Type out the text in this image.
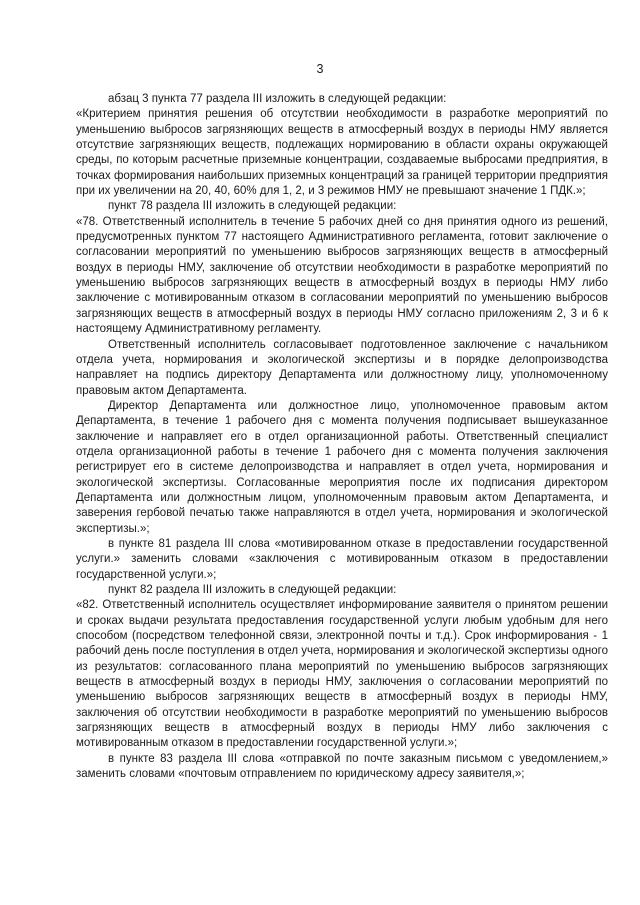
3

абзац 3 пункта 77 раздела III изложить в следующей редакции:

«Критерием принятия решения об отсутствии необходимости в разработке мероприятий по уменьшению выбросов загрязняющих веществ в атмосферный воздух в периоды НМУ является отсутствие загрязняющих веществ, подлежащих нормированию в области охраны окружающей среды, по которым расчетные приземные концентрации, создаваемые выбросами предприятия, в точках формирования наибольших приземных концентраций за границей территории предприятия при их увеличении на 20, 40, 60% для 1, 2, и 3 режимов НМУ не превышают значение 1 ПДК.»;

пункт 78 раздела III изложить в следующей редакции:

«78. Ответственный исполнитель в течение 5 рабочих дней со дня принятия одного из решений, предусмотренных пунктом 77 настоящего Административного регламента, готовит заключение о согласовании мероприятий по уменьшению выбросов загрязняющих веществ в атмосферный воздух в периоды НМУ, заключение об отсутствии необходимости в разработке мероприятий по уменьшению выбросов загрязняющих веществ в атмосферный воздух в периоды НМУ либо заключение с мотивированным отказом в согласовании мероприятий по уменьшению выбросов загрязняющих веществ в атмосферный воздух в периоды НМУ согласно приложениям 2, 3 и 6 к настоящему Административному регламенту.

Ответственный исполнитель согласовывает подготовленное заключение с начальником отдела учета, нормирования и экологической экспертизы и в порядке делопроизводства направляет на подпись директору Департамента или должностному лицу, уполномоченному правовым актом Департамента.

Директор Департамента или должностное лицо, уполномоченное правовым актом Департамента, в течение 1 рабочего дня с момента получения подписывает вышеуказанное заключение и направляет его в отдел организационной работы. Ответственный специалист отдела организационной работы в течение 1 рабочего дня с момента получения заключения регистрирует его в системе делопроизводства и направляет в отдел учета, нормирования и экологической экспертизы. Согласованные мероприятия после их подписания директором Департамента или должностным лицом, уполномоченным правовым актом Департамента, и заверения гербовой печатью также направляются в отдел учета, нормирования и экологической экспертизы.»;

в пункте 81 раздела III слова «мотивированном отказе в предоставлении государственной услуги.» заменить словами «заключения с мотивированным отказом в предоставлении государственной услуги.»;

пункт 82 раздела III изложить в следующей редакции:

«82. Ответственный исполнитель осуществляет информирование заявителя о принятом решении и сроках выдачи результата предоставления государственной услуги любым удобным для него способом (посредством телефонной связи, электронной почты и т.д.). Срок информирования - 1 рабочий день после поступления в отдел учета, нормирования и экологической экспертизы одного из результатов: согласованного плана мероприятий по уменьшению выбросов загрязняющих веществ в атмосферный воздух в периоды НМУ, заключения о согласовании мероприятий по уменьшению выбросов загрязняющих веществ в атмосферный воздух в периоды НМУ, заключения об отсутствии необходимости в разработке мероприятий по уменьшению выбросов загрязняющих веществ в атмосферный воздух в периоды НМУ либо заключения с мотивированным отказом в предоставлении государственной услуги.»;

в пункте 83 раздела III слова «отправкой по почте заказным письмом с уведомлением,» заменить словами «почтовым отправлением по юридическому адресу заявителя,»;
